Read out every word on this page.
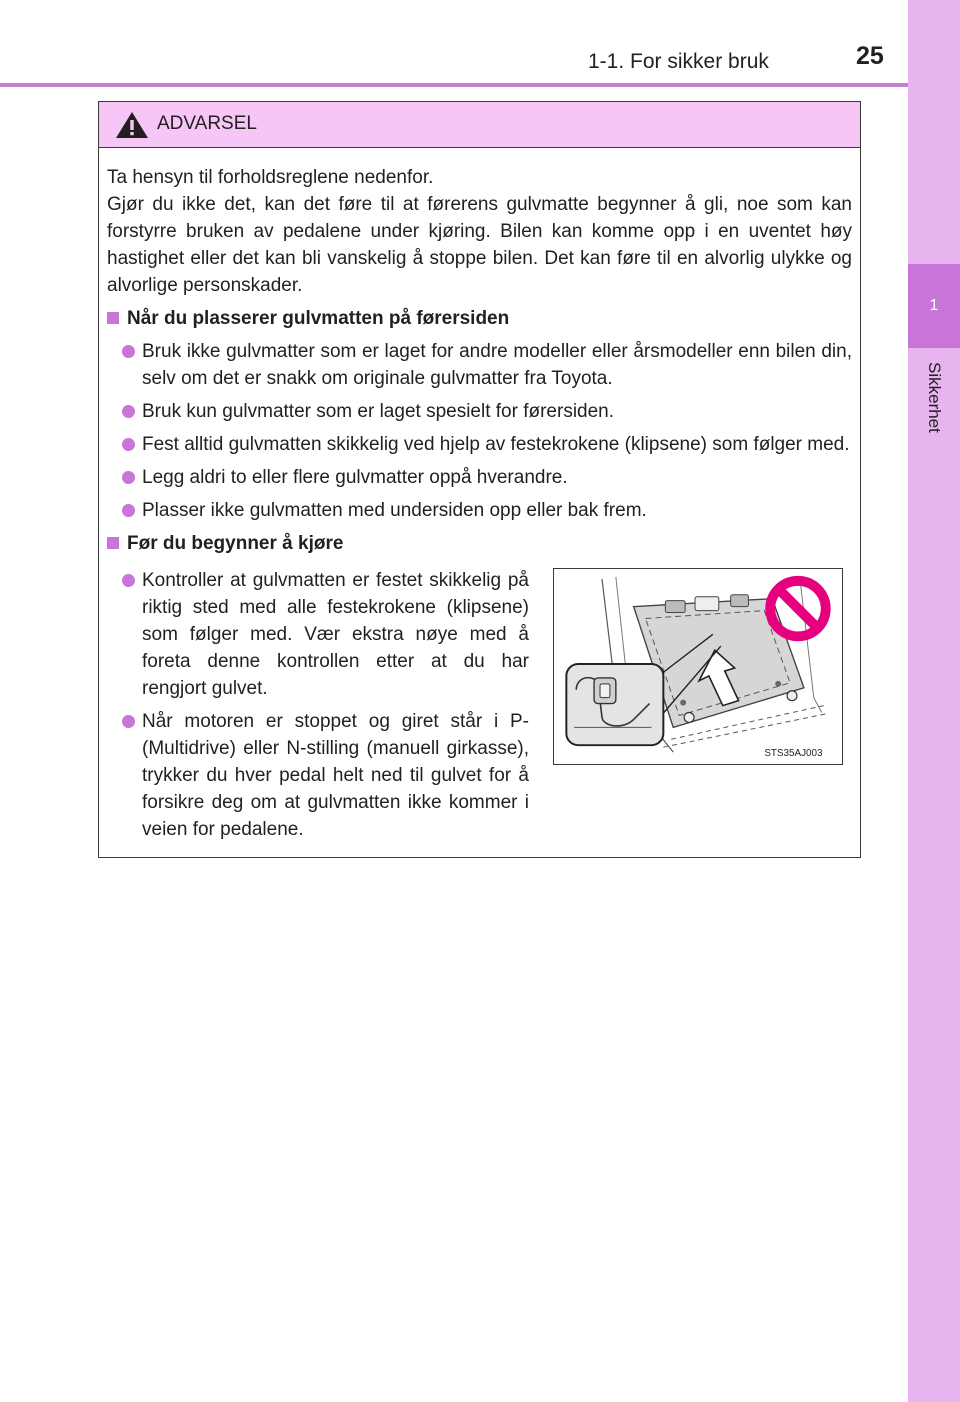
1
Sikkerhet
1-1. For sikker bruk	25
ADVARSEL

Ta hensyn til forholdsreglene nedenfor.

Gjør du ikke det, kan det føre til at førerens gulvmatte begynner å gli, noe som kan forstyrre bruken av pedalene under kjøring. Bilen kan komme opp i en uventet høy hastighet eller det kan bli vanskelig å stoppe bilen. Det kan føre til en alvorlig ulykke og alvorlige personskader.

Når du plasserer gulvmatten på førersiden
Bruk ikke gulvmatter som er laget for andre modeller eller årsmodeller enn bilen din, selv om det er snakk om originale gulvmatter fra Toyota.
Bruk kun gulvmatter som er laget spesielt for førersiden.
Fest alltid gulvmatten skikkelig ved hjelp av festekrokene (klipsene) som følger med.
Legg aldri to eller flere gulvmatter oppå hverandre.
Plasser ikke gulvmatten med undersiden opp eller bak frem.
Før du begynner å kjøre
Kontroller at gulvmatten er festet skikkelig på riktig sted med alle festekrokene (klipsene) som følger med. Vær ekstra nøye med å foreta denne kontrollen etter at du har rengjort gulvet.
Når motoren er stoppet og giret står i P- (Multidrive) eller N-stilling (manuell girkasse), trykker du hver pedal helt ned til gulvet for å forsikre deg om at gulvmatten ikke kommer i veien for pedalene.
STS35AJ003
